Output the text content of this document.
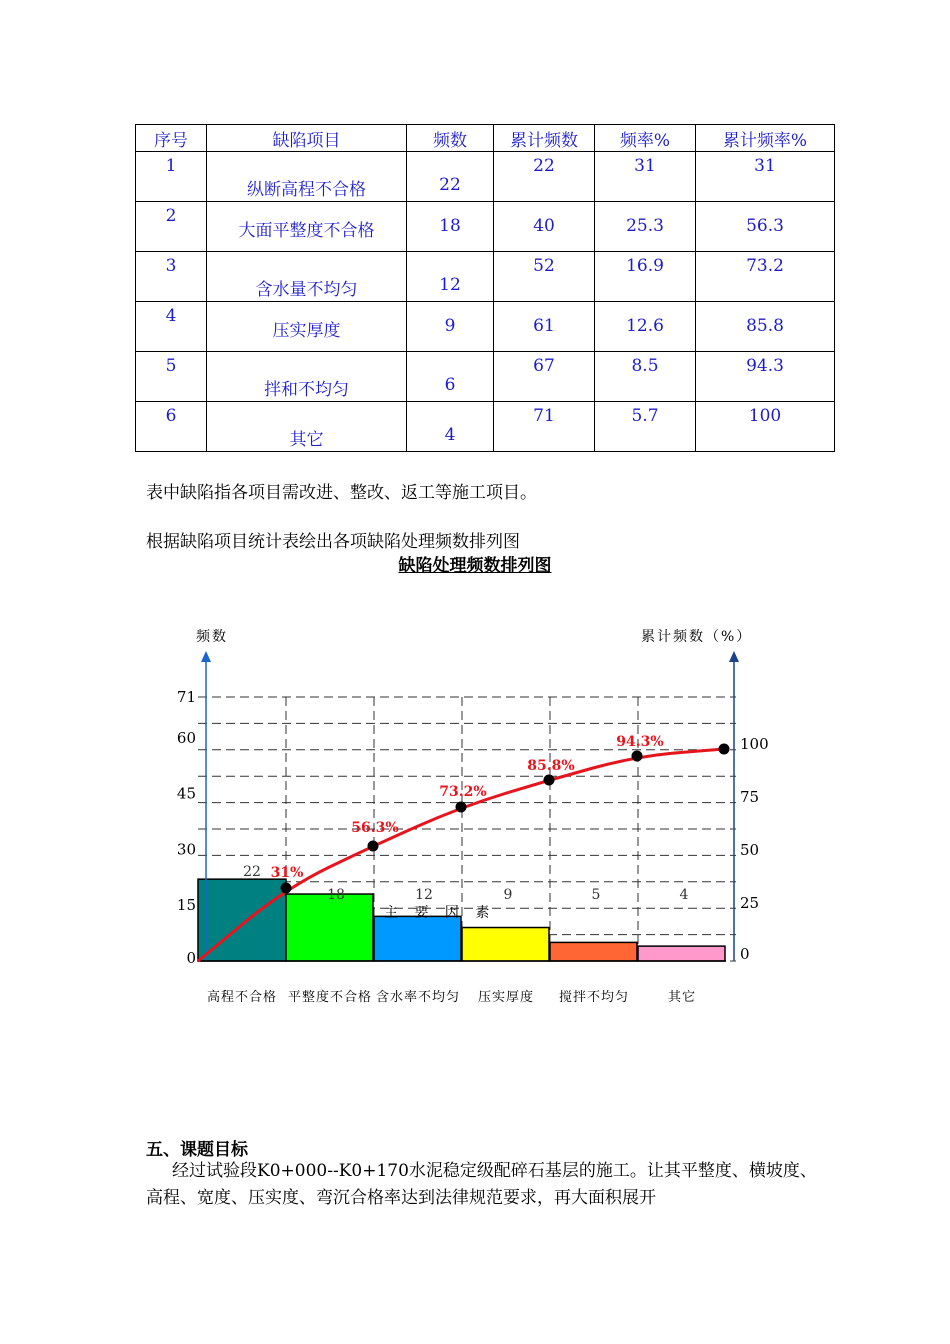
序号	缺陷项目	频数	累计频数	频率%	累计频率%

1	纵断高程不合格	22	22	31	31

2	大面平整度不合格	18	40	25.3	56.3

3	含水量不均匀	12	52	16.9	73.2

4	压实厚度	9	61	12.6	85.8

5	拌和不均匀	6	67	8.5	94.3

6	其它	4	71	5.7	100
表中缺陷指各项目需改进、整改、返工等施工项目。
根据缺陷项目统计表绘出各项缺陷处理频数排列图
缺陷处理频数排列图
22
18	12	9	5	4
0
15
30
45
60
71
0
25
50
75
100
频数	累计频数（%）
高程不合格 平整度不合格 含水率不均匀 压实厚度 搅拌不均匀	其它
主 要 因 素
31%
56.3%
73.2%
85.8%
94.3%
五、课题目标
经过试验段K0+000--K0+170水泥稳定级配碎石基层的施工。让其平整度、横坡度、高程、宽度、压实度、弯沉合格率达到法律规范要求，再大面积展开
